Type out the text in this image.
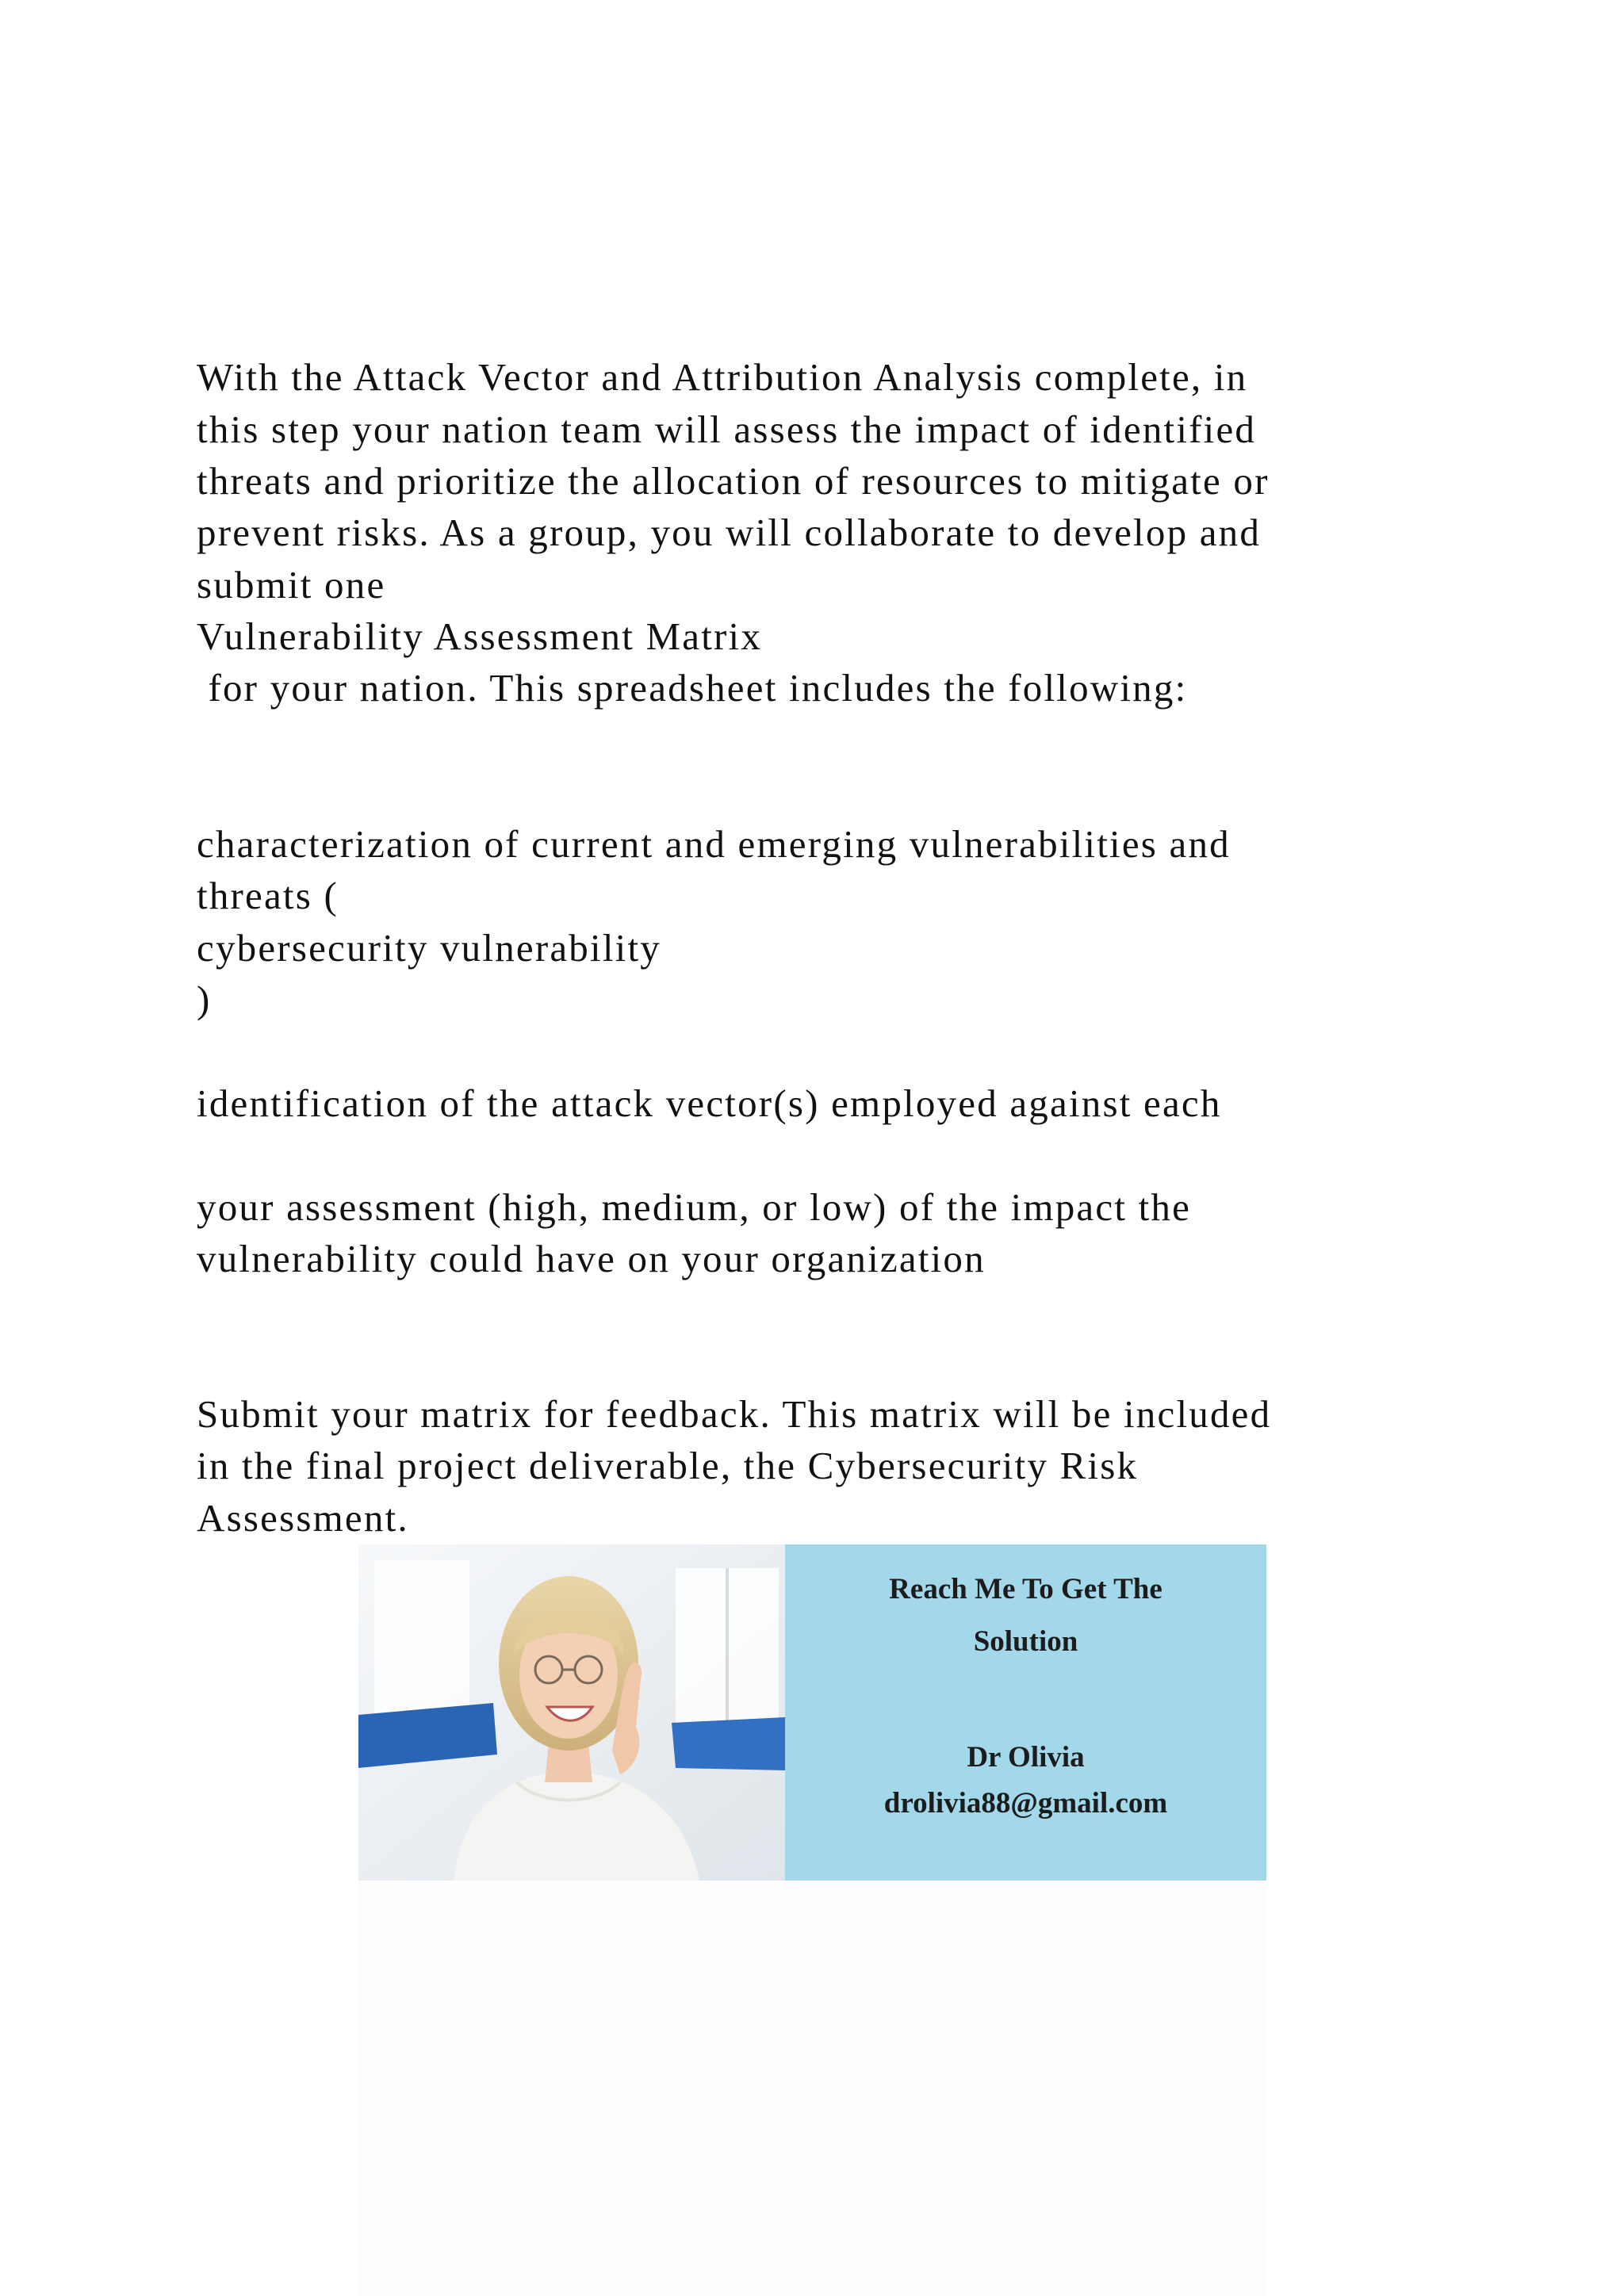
With the Attack Vector and Attribution Analysis complete, in

this step your nation team will assess the impact of identified

threats and prioritize the allocation of resources to mitigate or

prevent risks. As a group, you will collaborate to develop and

submit one

Vulnerability Assessment Matrix

for your nation. This spreadsheet includes the following:

characterization of current and emerging vulnerabilities and

threats (

cybersecurity vulnerability

)

identification of the attack vector(s) employed against each

your assessment (high, medium, or low) of the impact the

vulnerability could have on your organization

Submit your matrix for feedback. This matrix will be included

in the final project deliverable, the Cybersecurity Risk

Assessment.

Reach Me To Get The

Solution

Dr Olivia

drolivia88@gmail.com
